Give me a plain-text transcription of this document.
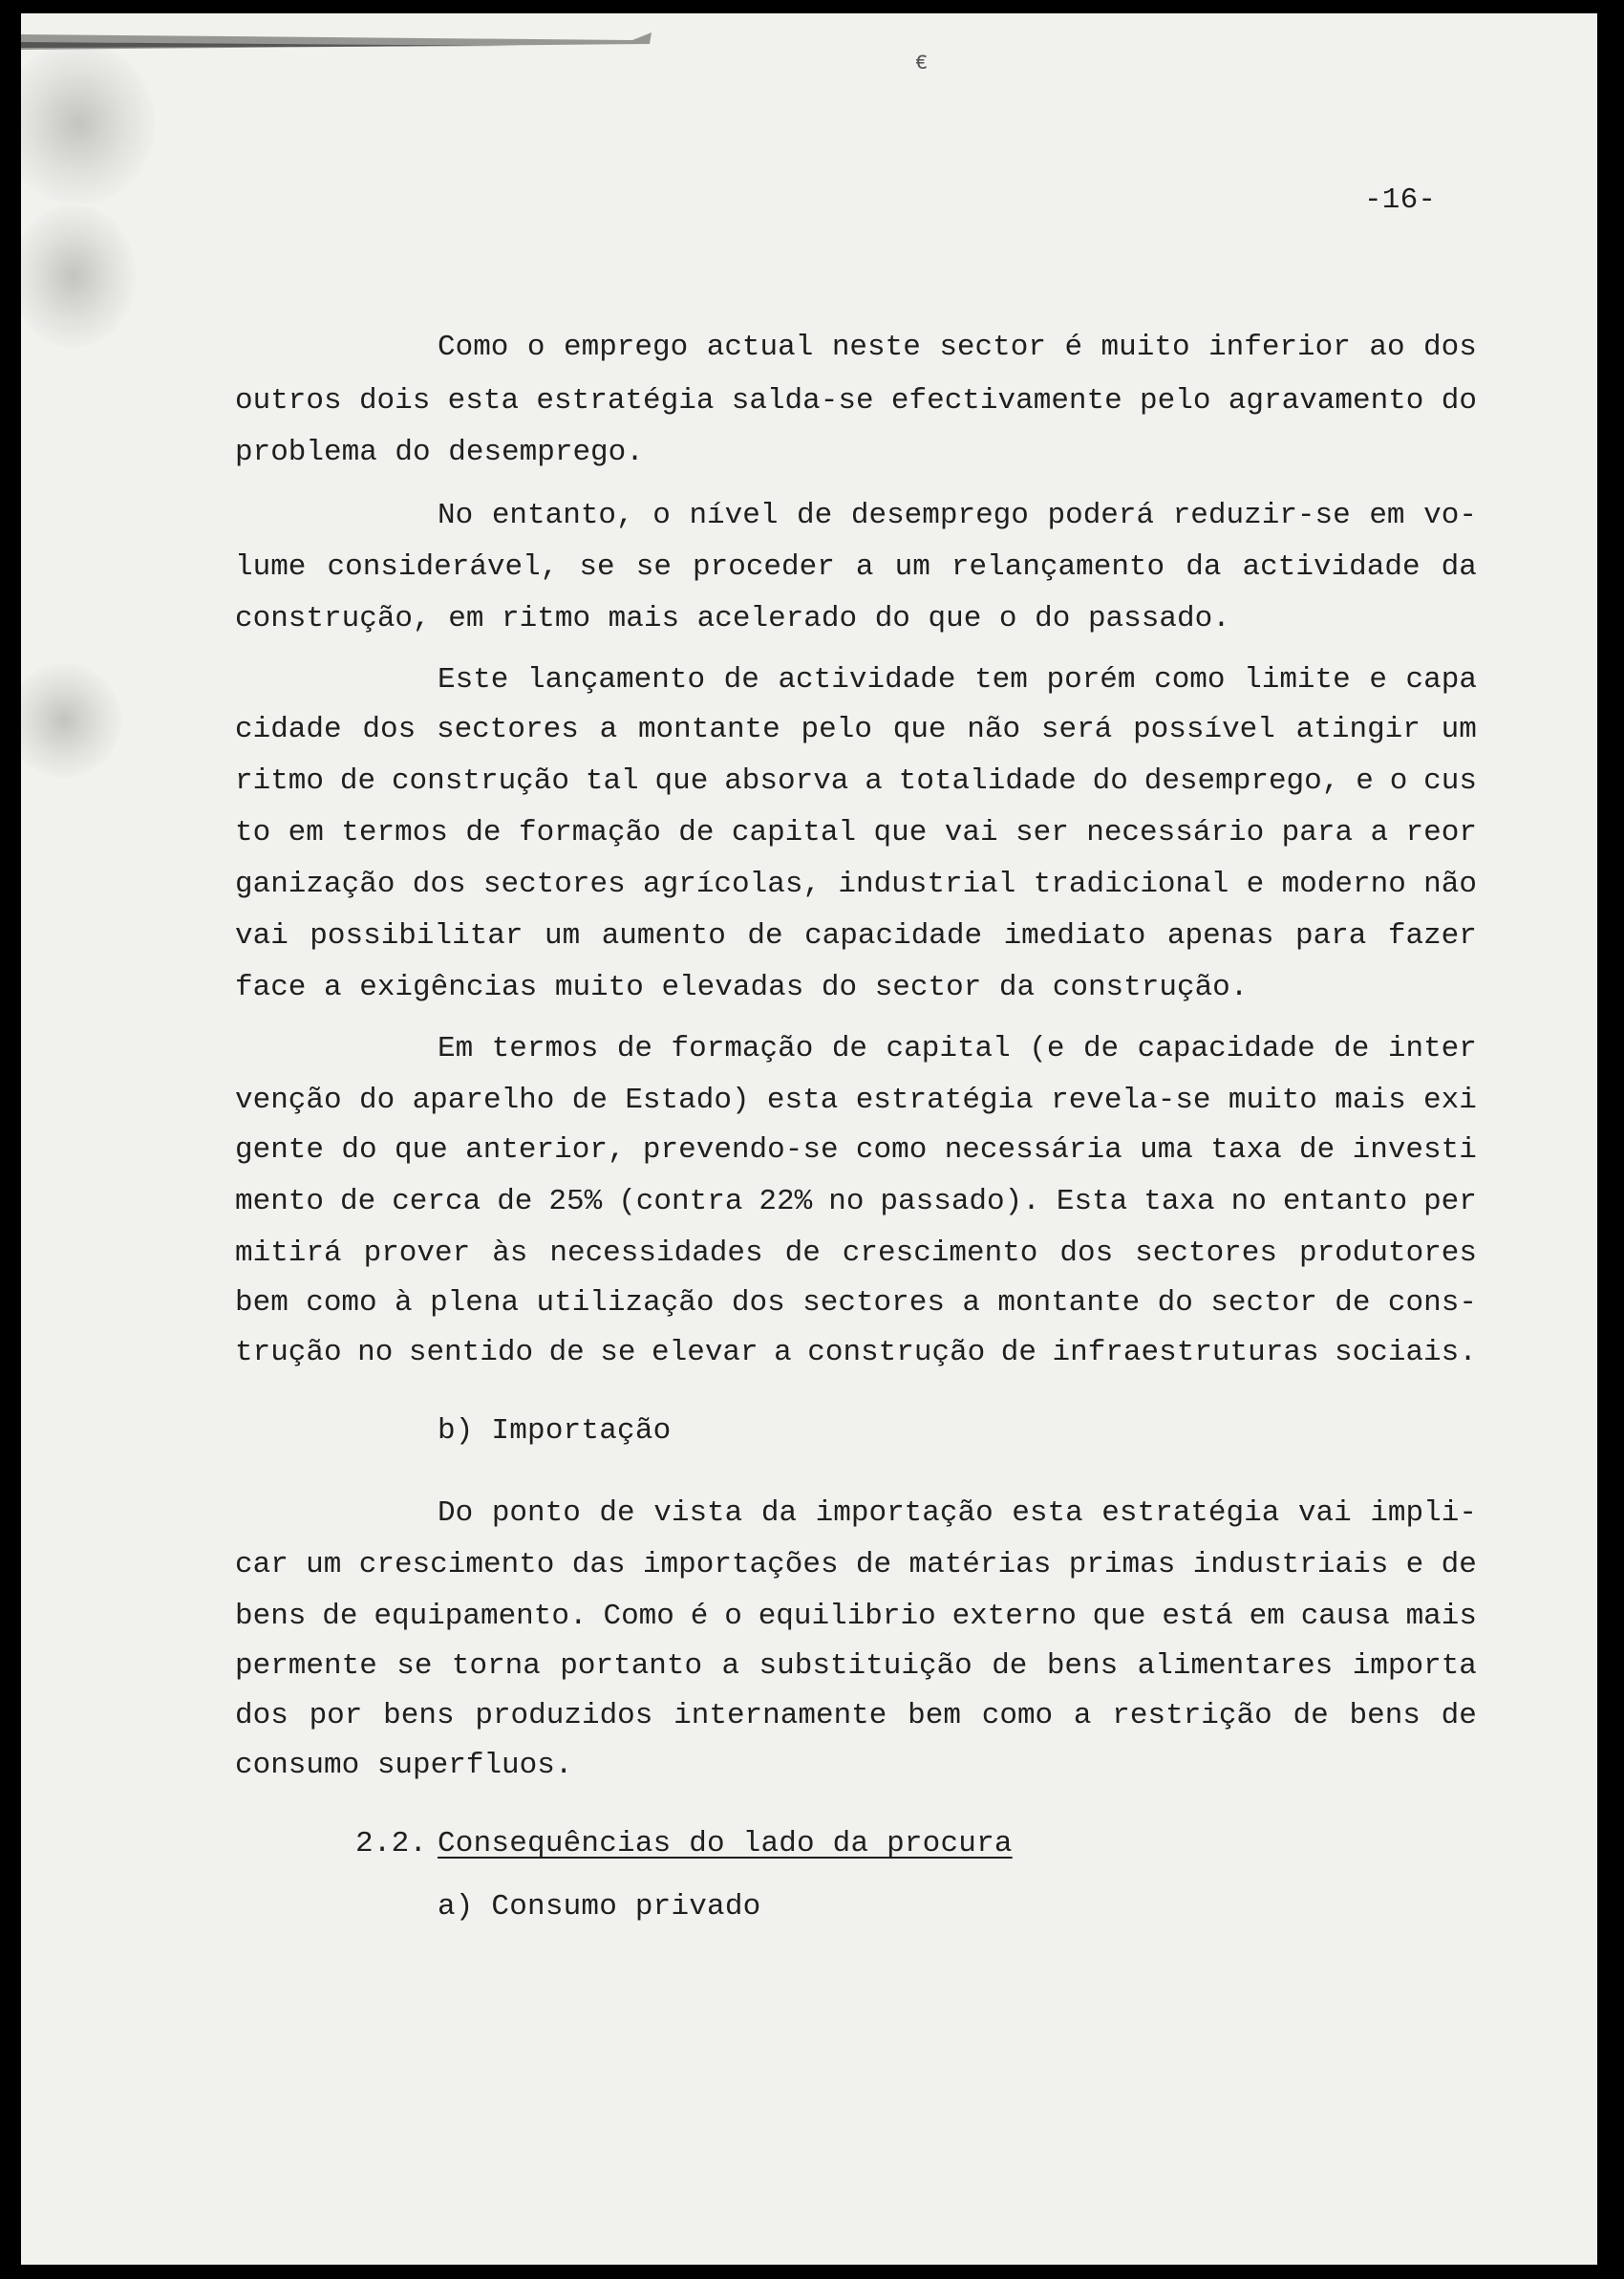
€
-16-
Como o emprego actual neste sector é muito inferior ao dos
outros dois esta estratégia salda-se efectivamente pelo agravamento do
problema do desemprego.
No entanto, o nível de desemprego poderá reduzir-se em vo-
lume considerável, se se proceder a um relançamento da actividade da
construção, em ritmo mais acelerado do que o do passado.
Este lançamento de actividade tem porém como limite e capa
cidade dos sectores a montante pelo que não será possível atingir um
ritmo de construção tal que absorva a totalidade do desemprego, e o cus
to em termos de formação de capital que vai ser necessário para a reor
ganização dos sectores agrícolas, industrial tradicional e moderno não
vai possibilitar um aumento de capacidade imediato apenas para fazer
face a exigências muito elevadas do sector da construção.
Em termos de formação de capital (e de capacidade de inter
venção do aparelho de Estado) esta estratégia revela-se muito mais exi
gente do que anterior, prevendo-se como necessária uma taxa de investi
mento de cerca de 25% (contra 22% no passado). Esta taxa no entanto per
mitirá prover às necessidades de crescimento dos sectores produtores
bem como à plena utilização dos sectores a montante do sector de cons-
trução no sentido de se elevar a construção de infraestruturas sociais.
b) Importação
Do ponto de vista da importação esta estratégia vai impli-
car um crescimento das importações de matérias primas industriais e de
bens de equipamento. Como é o equilibrio externo que está em causa mais
permente se torna portanto a substituição de bens alimentares importa
dos por bens produzidos internamente bem como a restrição de bens de
consumo superfluos.
2.2. Consequências do lado da procura
a) Consumo privado
